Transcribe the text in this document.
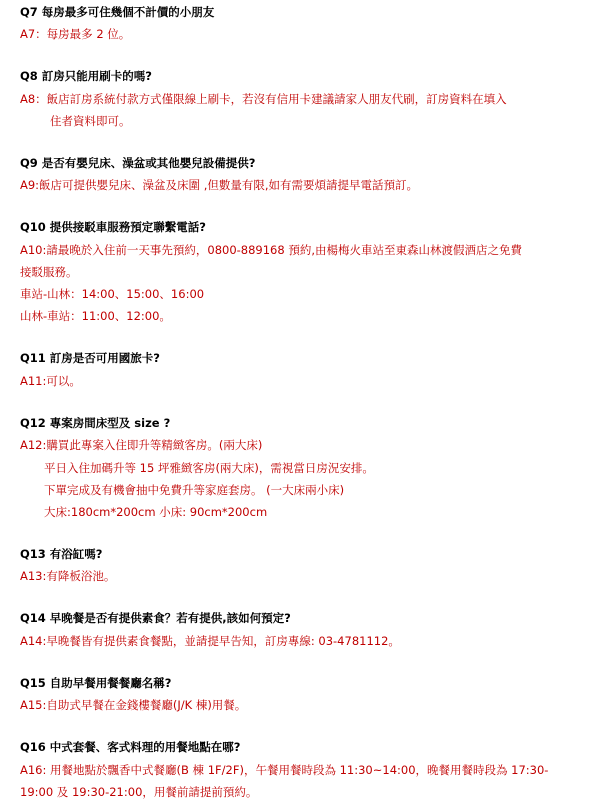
Q7 每房最多可住幾個不計價的小朋友
A7：每房最多 2 位。
Q8 訂房只能用刷卡的嗎?
A8：飯店訂房系統付款方式僅限線上刷卡，若沒有信用卡建議請家人朋友代刷，訂房資料在填入
住者資料即可。
Q9 是否有嬰兒床、澡盆或其他嬰兒設備提供?
A9:飯店可提供嬰兒床、澡盆及床圍 ,但數量有限,如有需要煩請提早電話預訂。
Q10 提供接駁車服務預定聯繫電話?
A10:請最晚於入住前一天事先預約，0800-889168 預約,由楊梅火車站至東森山林渡假酒店之免費
接駁服務。
車站-山林：14:00、15:00、16:00
山林-車站：11:00、12:00。
Q11 訂房是否可用國旅卡?
A11:可以。
Q12 專案房間床型及 size ?
A12:購買此專案入住即升等精緻客房。(兩大床)
平日入住加碼升等 15 坪雅緻客房(兩大床)，需視當日房況安排。
下單完成及有機會抽中免費升等家庭套房。 (一大床兩小床)
大床:180cm*200cm 小床: 90cm*200cm
Q13 有浴缸嗎?
A13:有降板浴池。
Q14 早晚餐是否有提供素食？若有提供,該如何預定?
A14:早晚餐皆有提供素食餐點，並請提早告知，訂房專線: 03-4781112。
Q15 自助早餐用餐餐廳名稱?
A15:自助式早餐在金錢樓餐廳(J/K 棟)用餐。
Q16 中式套餐、客式料理的用餐地點在哪?
A16: 用餐地點於飄香中式餐廳(B 棟 1F/2F)，午餐用餐時段為 11:30~14:00，晚餐用餐時段為 17:30-
19:00 及 19:30-21:00，用餐前請提前預約。
